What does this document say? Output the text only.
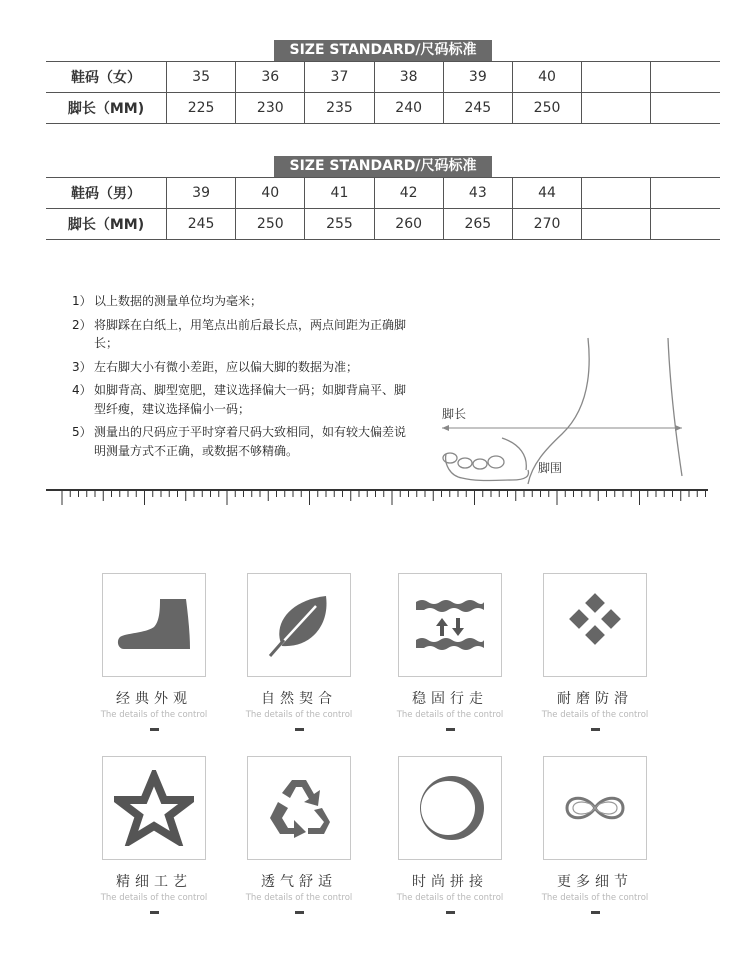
SIZE STANDARD/尺码标准
鞋码（女）	35	36	37	38	39	40		
脚长（MM)	225	230	235	240	245	250		
SIZE STANDARD/尺码标准
鞋码（男）	39	40	41	42	43	44		
脚长（MM)	245	250	255	260	265	270		
1） 以上数据的测量单位均为毫米；
2） 将脚踩在白纸上，用笔点出前后最长点，两点间距为正确脚长；
3） 左右脚大小有微小差距，应以偏大脚的数据为准；
4） 如脚背高、脚型宽肥，建议选择偏大一码；如脚背扁平、脚型纤瘦，建议选择偏小一码；
5） 测量出的尺码应于平时穿着尺码大致相同，如有较大偏差说明测量方式不正确，或数据不够精确。
脚长
脚围
经典外观
The details of the control
自然契合
The details of the control
稳固行走
The details of the control
耐磨防滑
The details of the control
精细工艺
The details of the control
透气舒适
The details of the control
时尚拼接
The details of the control
更多细节
The details of the control
